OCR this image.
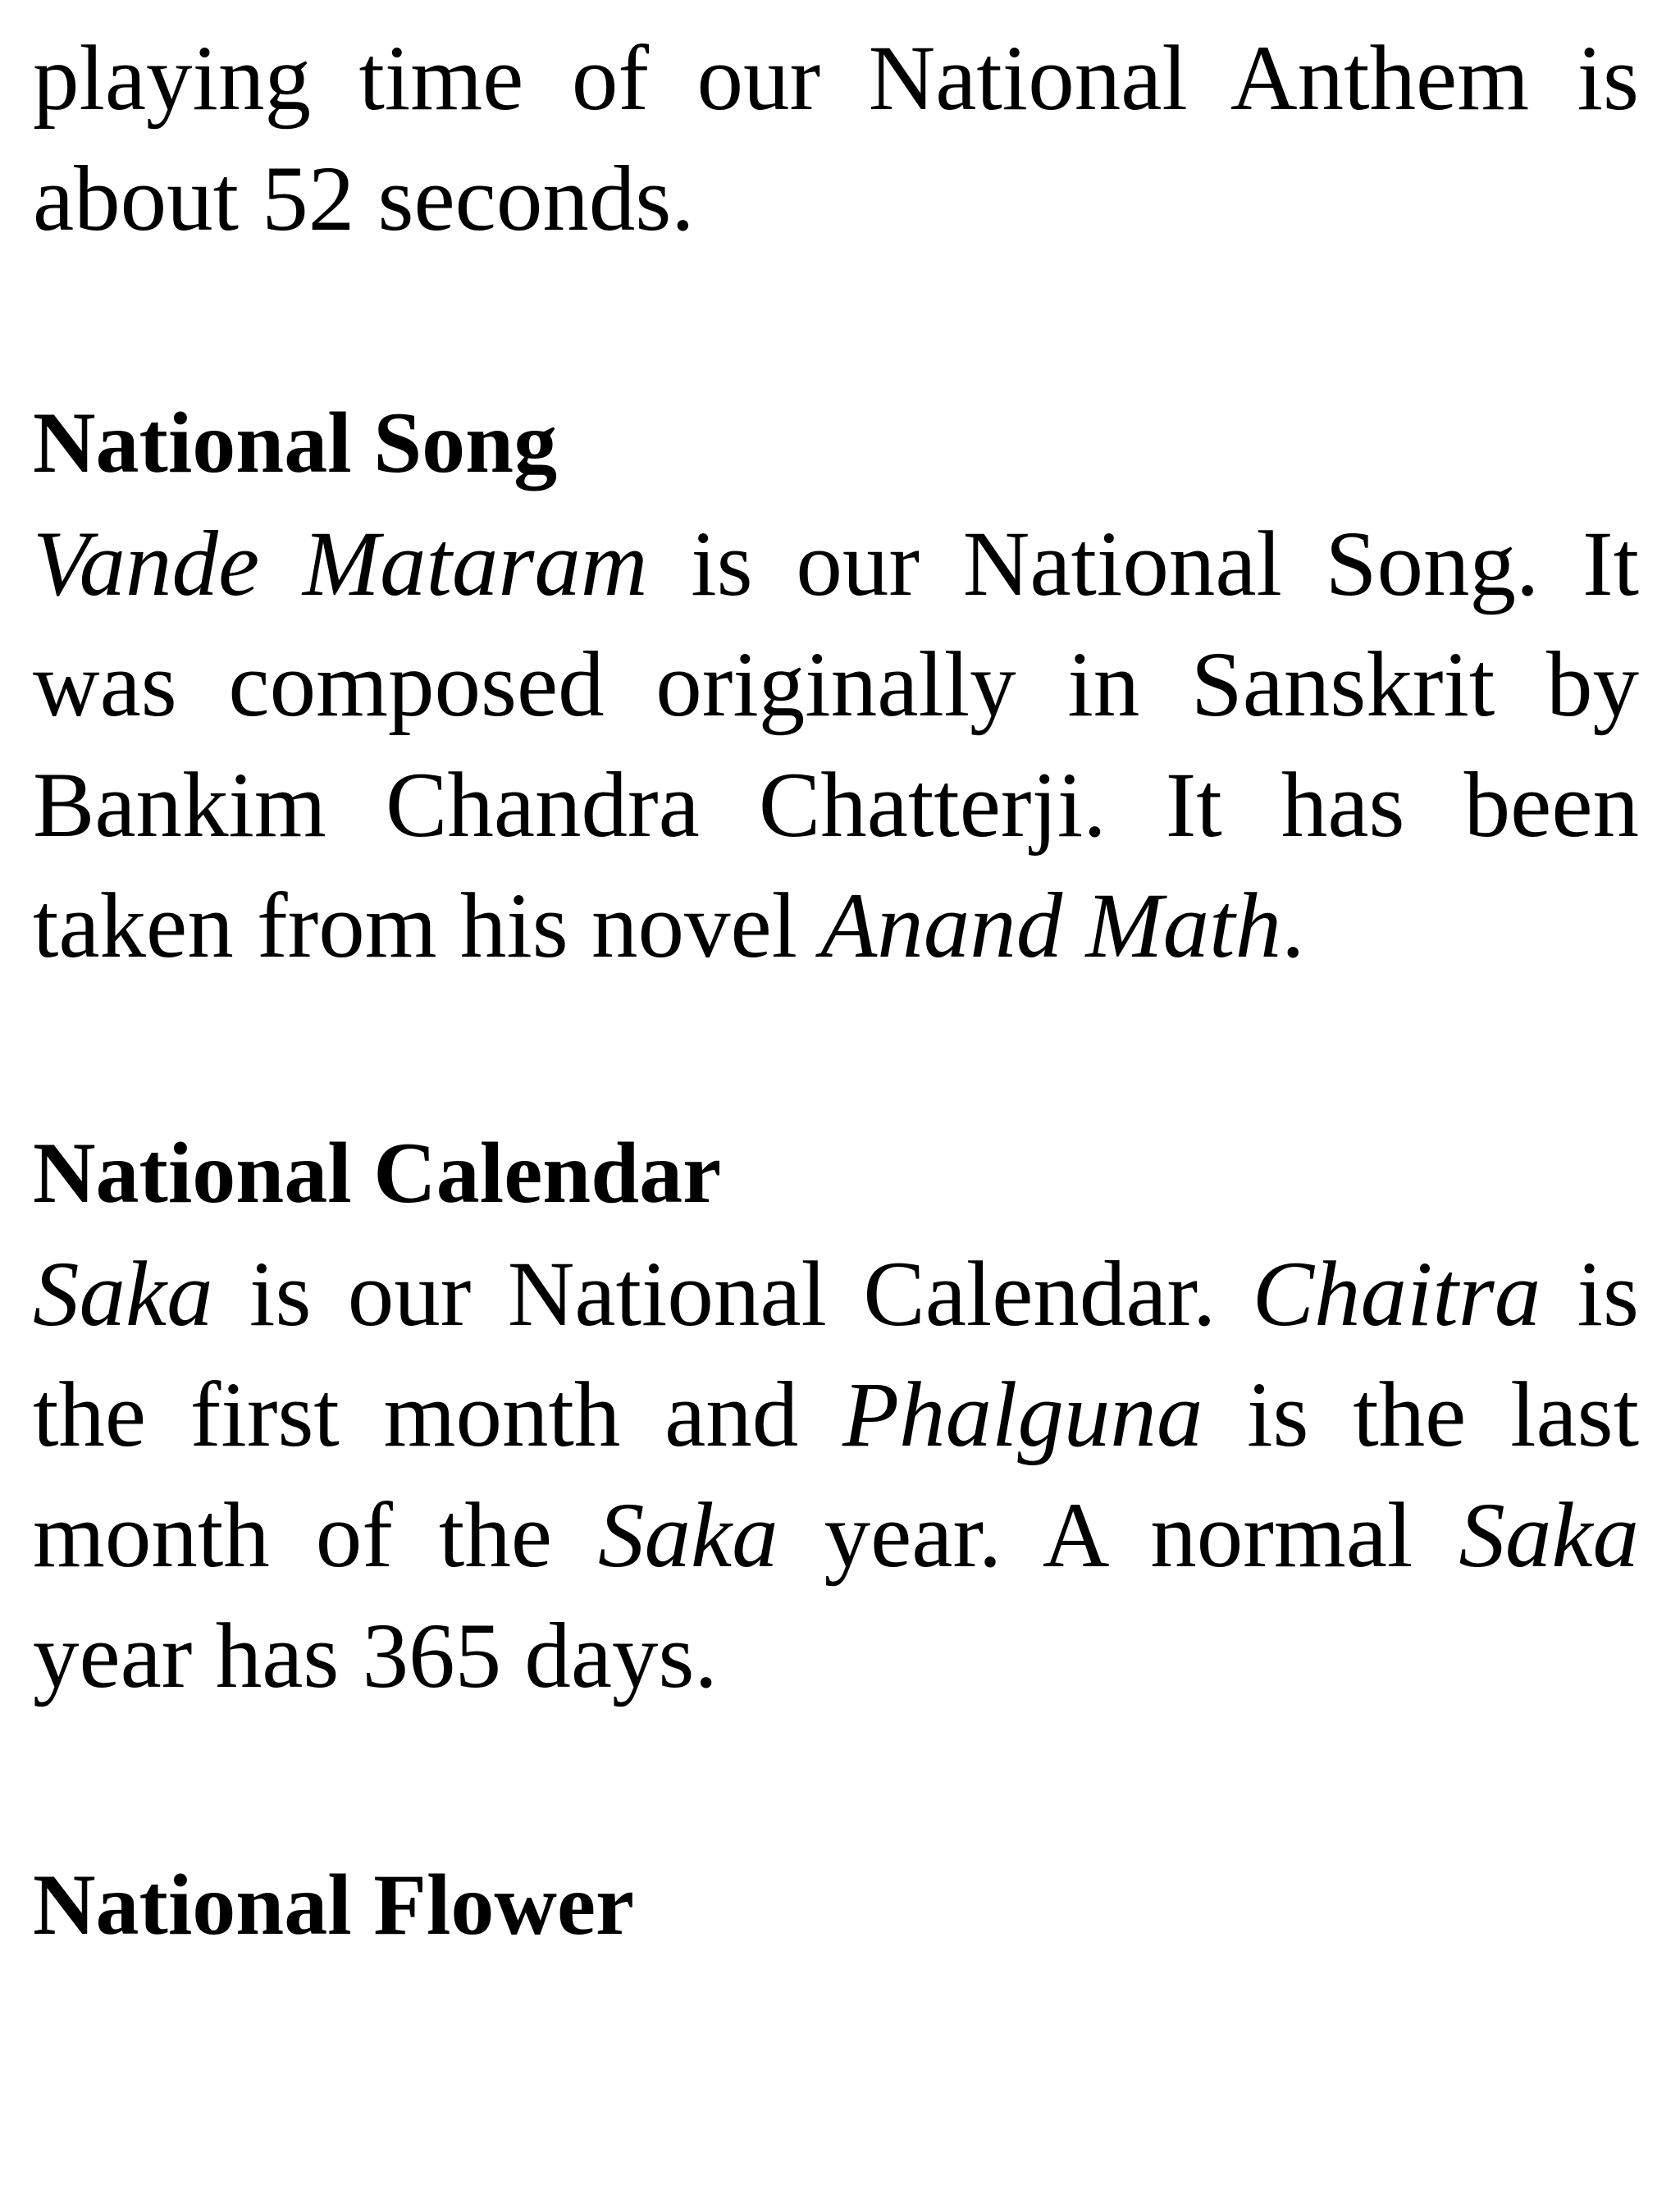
playing time of our National Anthem is about 52 seconds.

National Song

Vande Mataram is our National Song. It was composed originally in Sanskrit by Bankim Chandra Chatterji. It has been taken from his novel Anand Math.

National Calendar

Saka is our National Calendar. Chaitra is the first month and Phalguna is the last month of the Saka year. A normal Saka year has 365 days.

National Flower
